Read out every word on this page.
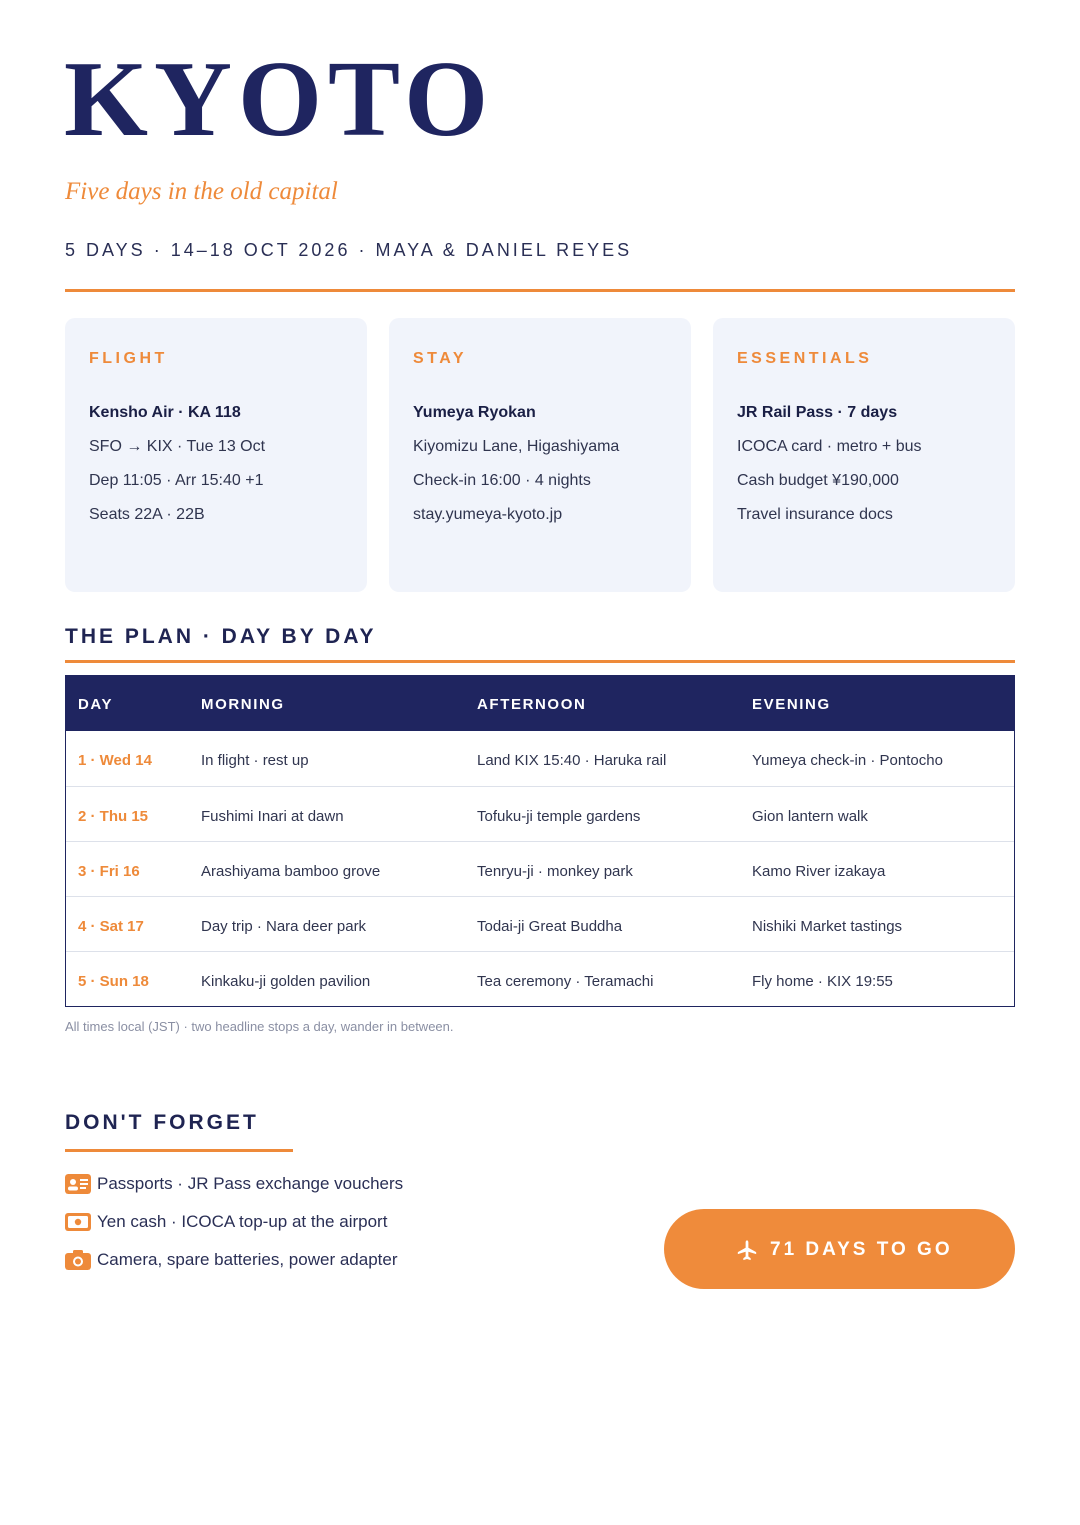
KYOTO
Five days in the old capital
5 DAYS · 14–18 OCT 2026 · MAYA & DANIEL REYES
FLIGHT
Kensho Air · KA 118
SFO → KIX · Tue 13 Oct
Dep 11:05 · Arr 15:40 +1
Seats 22A · 22B
STAY
Yumeya Ryokan
Kiyomizu Lane, Higashiyama
Check-in 16:00 · 4 nights
stay.yumeya-kyoto.jp
ESSENTIALS
JR Rail Pass · 7 days
ICOCA card · metro + bus
Cash budget ¥190,000
Travel insurance docs
THE PLAN · DAY BY DAY
DAY	MORNING	AFTERNOON	EVENING
1 · Wed 14	In flight · rest up	Land KIX 15:40 · Haruka rail	Yumeya check-in · Pontocho
2 · Thu 15	Fushimi Inari at dawn	Tofuku-ji temple gardens	Gion lantern walk
3 · Fri 16	Arashiyama bamboo grove	Tenryu-ji · monkey park	Kamo River izakaya
4 · Sat 17	Day trip · Nara deer park	Todai-ji Great Buddha	Nishiki Market tastings
5 · Sun 18	Kinkaku-ji golden pavilion	Tea ceremony · Teramachi	Fly home · KIX 19:55
All times local (JST) · two headline stops a day, wander in between.
DON'T FORGET
Passports · JR Pass exchange vouchers
Yen cash · ICOCA top-up at the airport
Camera, spare batteries, power adapter	71 DAYS TO GO
